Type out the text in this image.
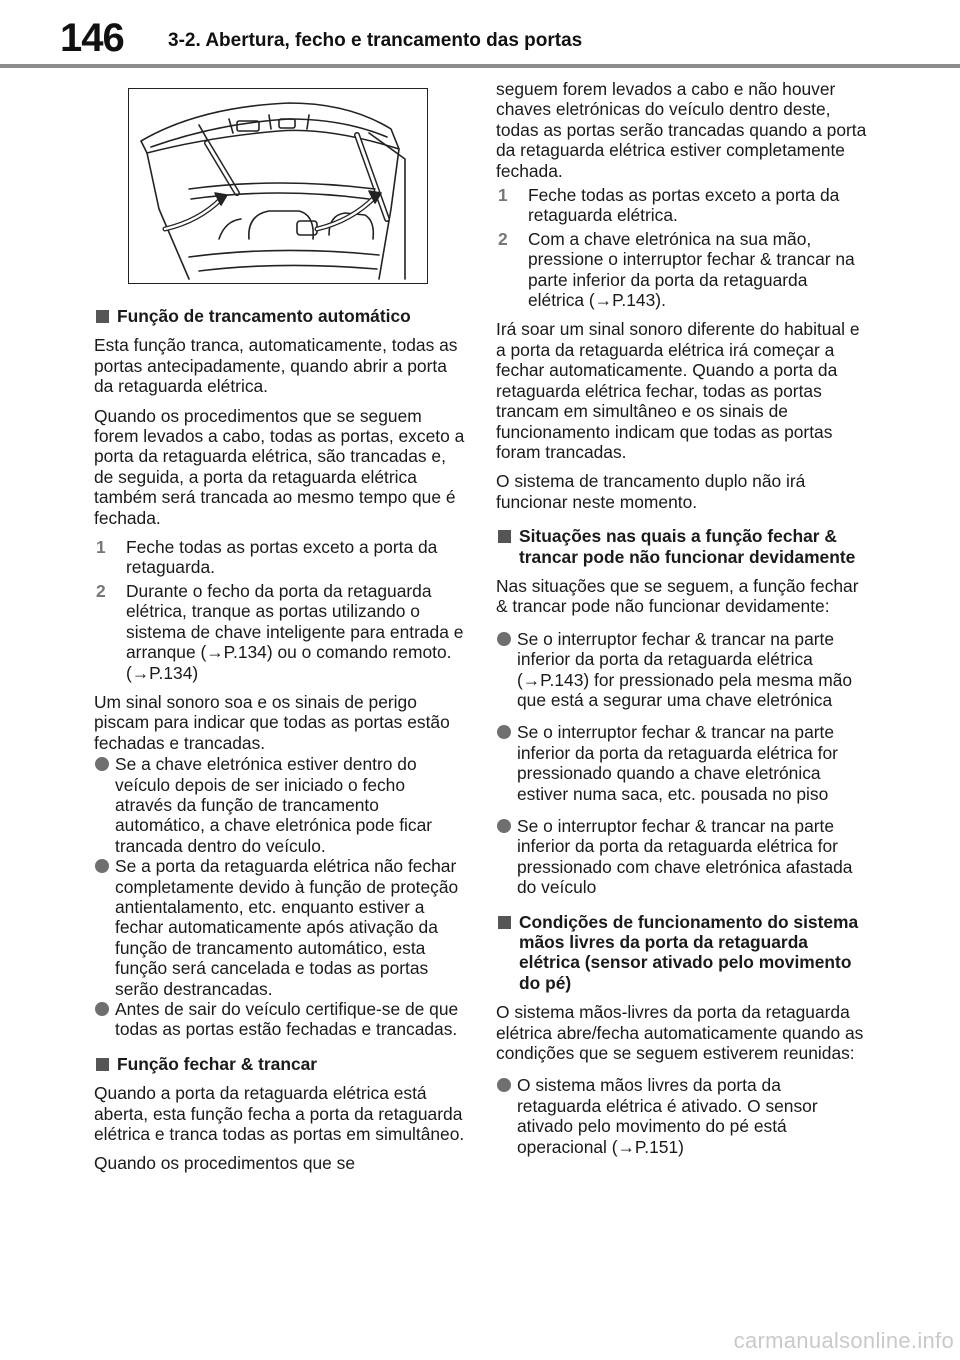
146 3-2. Abertura, fecho e trancamento das portas
Função de trancamento automático

Esta função tranca, automaticamente, todas as portas antecipadamente, quando abrir a porta da retaguarda elétrica.

Quando os procedimentos que se seguem forem levados a cabo, todas as portas, exceto a porta da retaguarda elétrica, são trancadas e, de seguida, a porta da retaguarda elétrica também será trancada ao mesmo tempo que é fechada.

1	Feche todas as portas exceto a porta da retaguarda.
2	Durante o fecho da porta da retaguarda elétrica, tranque as portas utilizando o sistema de chave inteligente para entrada e arranque (→P.134) ou o comando remoto. (→P.134)

Um sinal sonoro soa e os sinais de perigo piscam para indicar que todas as portas estão fechadas e trancadas.

Se a chave eletrónica estiver dentro do veículo depois de ser iniciado o fecho através da função de trancamento automático, a chave eletrónica pode ficar trancada dentro do veículo.
Se a porta da retaguarda elétrica não fechar completamente devido à função de proteção antientalamento, etc. enquanto estiver a fechar automaticamente após ativação da função de trancamento automático, esta função será cancelada e todas as portas serão destrancadas.
Antes de sair do veículo certifique-se de que todas as portas estão fechadas e trancadas.
Função fechar & trancar

Quando a porta da retaguarda elétrica está aberta, esta função fecha a porta da retaguarda elétrica e tranca todas as portas em simultâneo.

Quando os procedimentos que se

seguem forem levados a cabo e não houver chaves eletrónicas do veículo dentro deste, todas as portas serão trancadas quando a porta da retaguarda elétrica estiver completamente fechada.

1	Feche todas as portas exceto a porta da retaguarda elétrica.
2	Com a chave eletrónica na sua mão, pressione o interruptor fechar & trancar na parte inferior da porta da retaguarda elétrica (→P.143).

Irá soar um sinal sonoro diferente do habitual e a porta da retaguarda elétrica irá começar a fechar automaticamente. Quando a porta da retaguarda elétrica fechar, todas as portas trancam em simultâneo e os sinais de funcionamento indicam que todas as portas foram trancadas.

O sistema de trancamento duplo não irá funcionar neste momento.

Situações nas quais a função fechar & trancar pode não funcionar devidamente

Nas situações que se seguem, a função fechar & trancar pode não funcionar devidamente:

Se o interruptor fechar & trancar na parte inferior da porta da retaguarda elétrica (→P.143) for pressionado pela mesma mão que está a segurar uma chave eletrónica
Se o interruptor fechar & trancar na parte inferior da porta da retaguarda elétrica for pressionado quando a chave eletrónica estiver numa saca, etc. pousada no piso
Se o interruptor fechar & trancar na parte inferior da porta da retaguarda elétrica for pressionado com chave eletrónica afastada do veículo
Condições de funcionamento do sistema mãos livres da porta da retaguarda elétrica (sensor ativado pelo movimento do pé)

O sistema mãos-livres da porta da retaguarda elétrica abre/fecha automaticamente quando as condições que se seguem estiverem reunidas:

O sistema mãos livres da porta da retaguarda elétrica é ativado. O sensor ativado pelo movimento do pé está operacional (→P.151)
carmanualsonline.info
